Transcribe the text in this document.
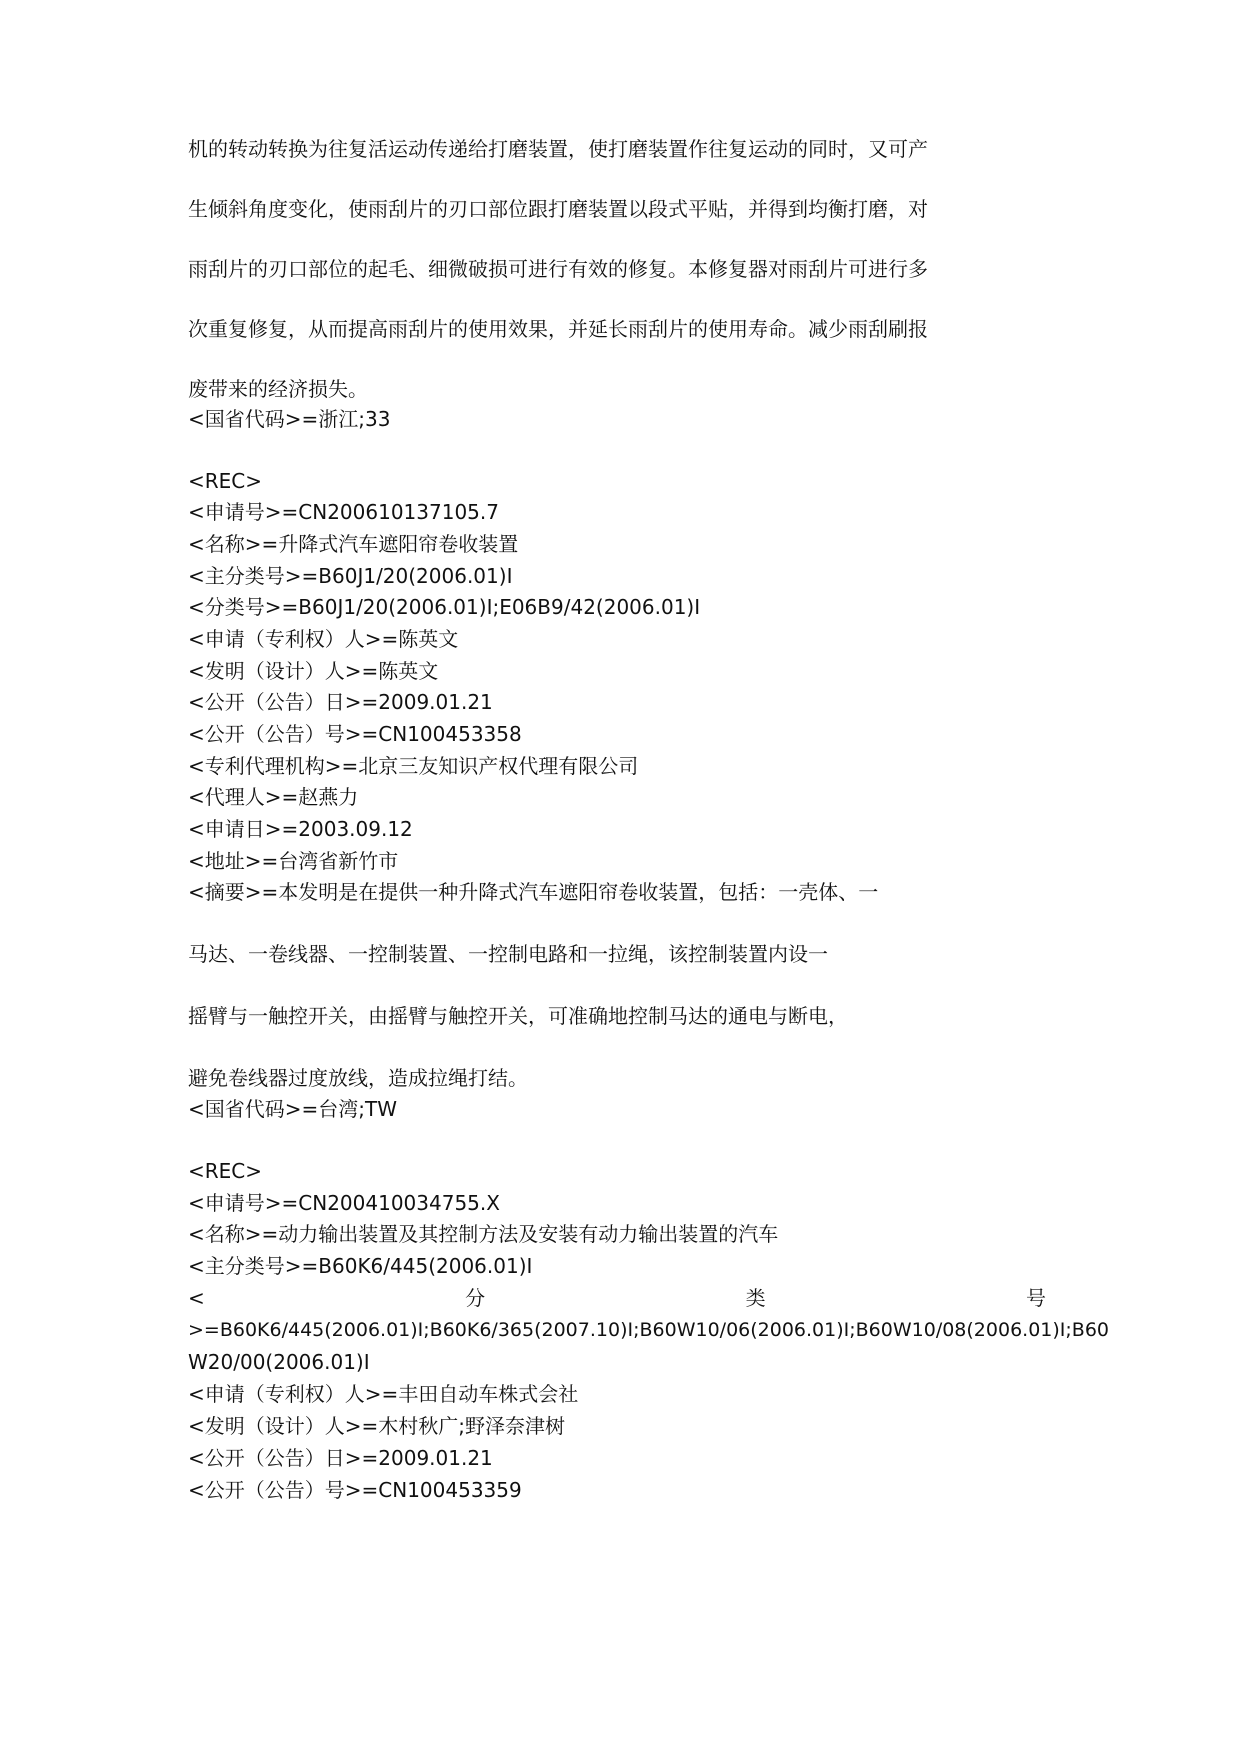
机的转动转换为往复活运动传递给打磨装置，使打磨装置作往复运动的同时，又可产
生倾斜角度变化，使雨刮片的刃口部位跟打磨装置以段式平贴，并得到均衡打磨，对
雨刮片的刃口部位的起毛、细微破损可进行有效的修复。本修复器对雨刮片可进行多
次重复修复，从而提高雨刮片的使用效果，并延长雨刮片的使用寿命。减少雨刮刷报
废带来的经济损失。
<国省代码>=浙江;33
<REC>
<申请号>=CN200610137105.7
<名称>=升降式汽车遮阳帘卷收装置
<主分类号>=B60J1/20(2006.01)I
<分类号>=B60J1/20(2006.01)I;E06B9/42(2006.01)I
<申请（专利权）人>=陈英文
<发明（设计）人>=陈英文
<公开（公告）日>=2009.01.21
<公开（公告）号>=CN100453358
<专利代理机构>=北京三友知识产权代理有限公司
<代理人>=赵燕力
<申请日>=2003.09.12
<地址>=台湾省新竹市
<摘要>=本发明是在提供一种升降式汽车遮阳帘卷收装置，包括：一壳体、一
马达、一卷线器、一控制装置、一控制电路和一拉绳，该控制装置内设一
摇臂与一触控开关，由摇臂与触控开关，可准确地控制马达的通电与断电，
避免卷线器过度放线，造成拉绳打结。
<国省代码>=台湾;TW
<REC>
<申请号>=CN200410034755.X
<名称>=动力输出装置及其控制方法及安装有动力输出装置的汽车
<主分类号>=B60K6/445(2006.01)I
<	分	类	号
>=B60K6/445(2006.01)I;B60K6/365(2007.10)I;B60W10/06(2006.01)I;B60W10/08(2006.01)I;B60
W20/00(2006.01)I
<申请（专利权）人>=丰田自动车株式会社
<发明（设计）人>=木村秋广;野泽奈津树
<公开（公告）日>=2009.01.21
<公开（公告）号>=CN100453359
